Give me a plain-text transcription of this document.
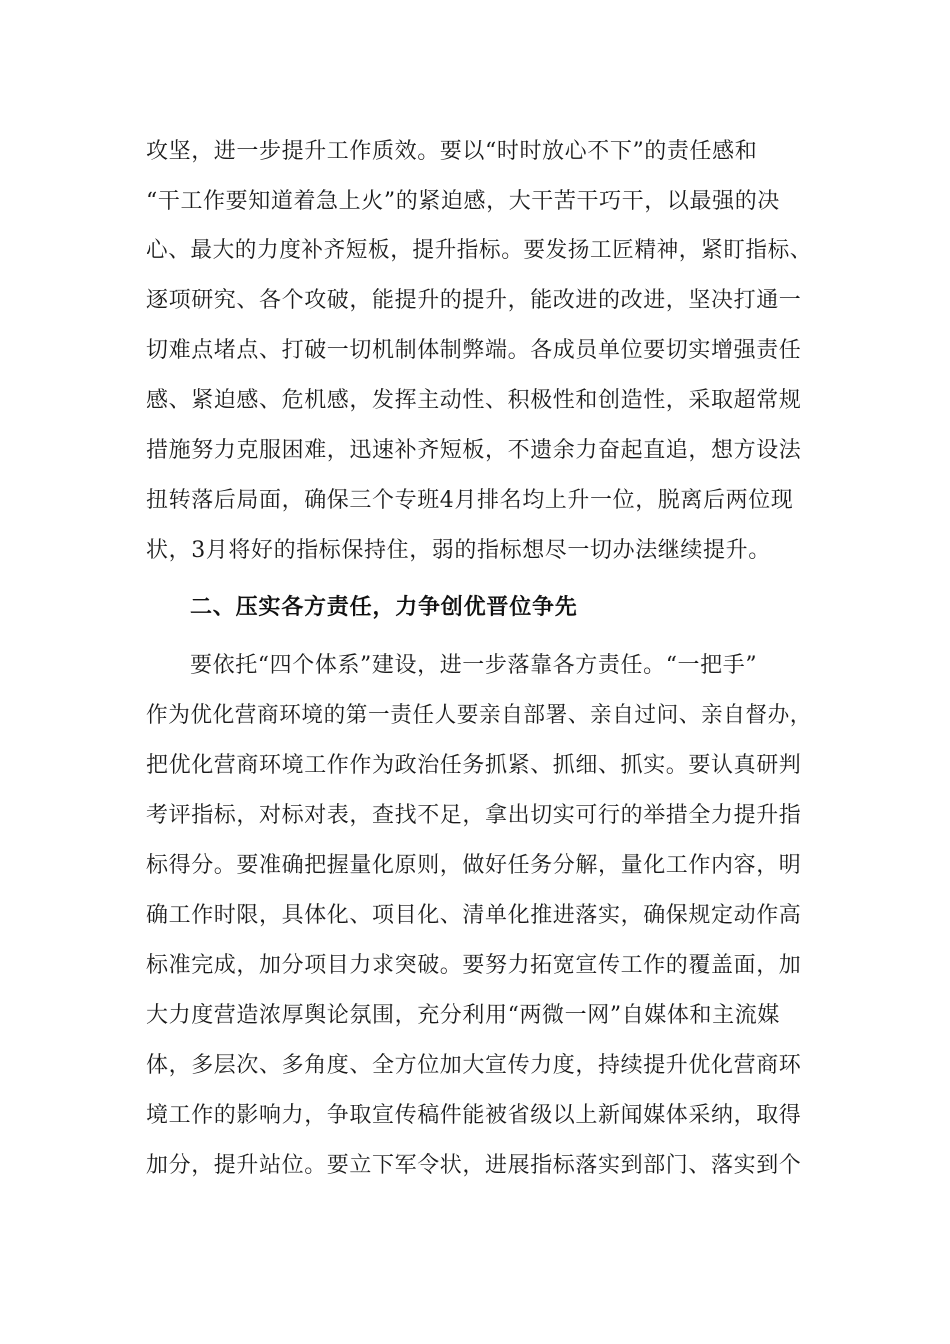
攻坚，进一步提升工作质效。要以“时时放心不下”的责任感和
“干工作要知道着急上火”的紧迫感，大干苦干巧干，以最强的决
心、最大的力度补齐短板，提升指标。要发扬工匠精神，紧盯指标、
逐项研究、各个攻破，能提升的提升，能改进的改进，坚决打通一
切难点堵点、打破一切机制体制弊端。各成员单位要切实增强责任
感、紧迫感、危机感，发挥主动性、积极性和创造性，采取超常规
措施努力克服困难，迅速补齐短板，不遗余力奋起直追，想方设法
扭转落后局面，确保三个专班4月排名均上升一位，脱离后两位现
状，3月将好的指标保持住，弱的指标想尽一切办法继续提升。
二、压实各方责任，力争创优晋位争先
要依托“四个体系”建设，进一步落靠各方责任。“一把手”
作为优化营商环境的第一责任人要亲自部署、亲自过问、亲自督办，
把优化营商环境工作作为政治任务抓紧、抓细、抓实。要认真研判
考评指标，对标对表，查找不足，拿出切实可行的举措全力提升指
标得分。要准确把握量化原则，做好任务分解，量化工作内容，明
确工作时限，具体化、项目化、清单化推进落实，确保规定动作高
标准完成，加分项目力求突破。要努力拓宽宣传工作的覆盖面，加
大力度营造浓厚舆论氛围，充分利用“两微一网”自媒体和主流媒
体，多层次、多角度、全方位加大宣传力度，持续提升优化营商环
境工作的影响力，争取宣传稿件能被省级以上新闻媒体采纳，取得
加分，提升站位。要立下军令状，进展指标落实到部门、落实到个
